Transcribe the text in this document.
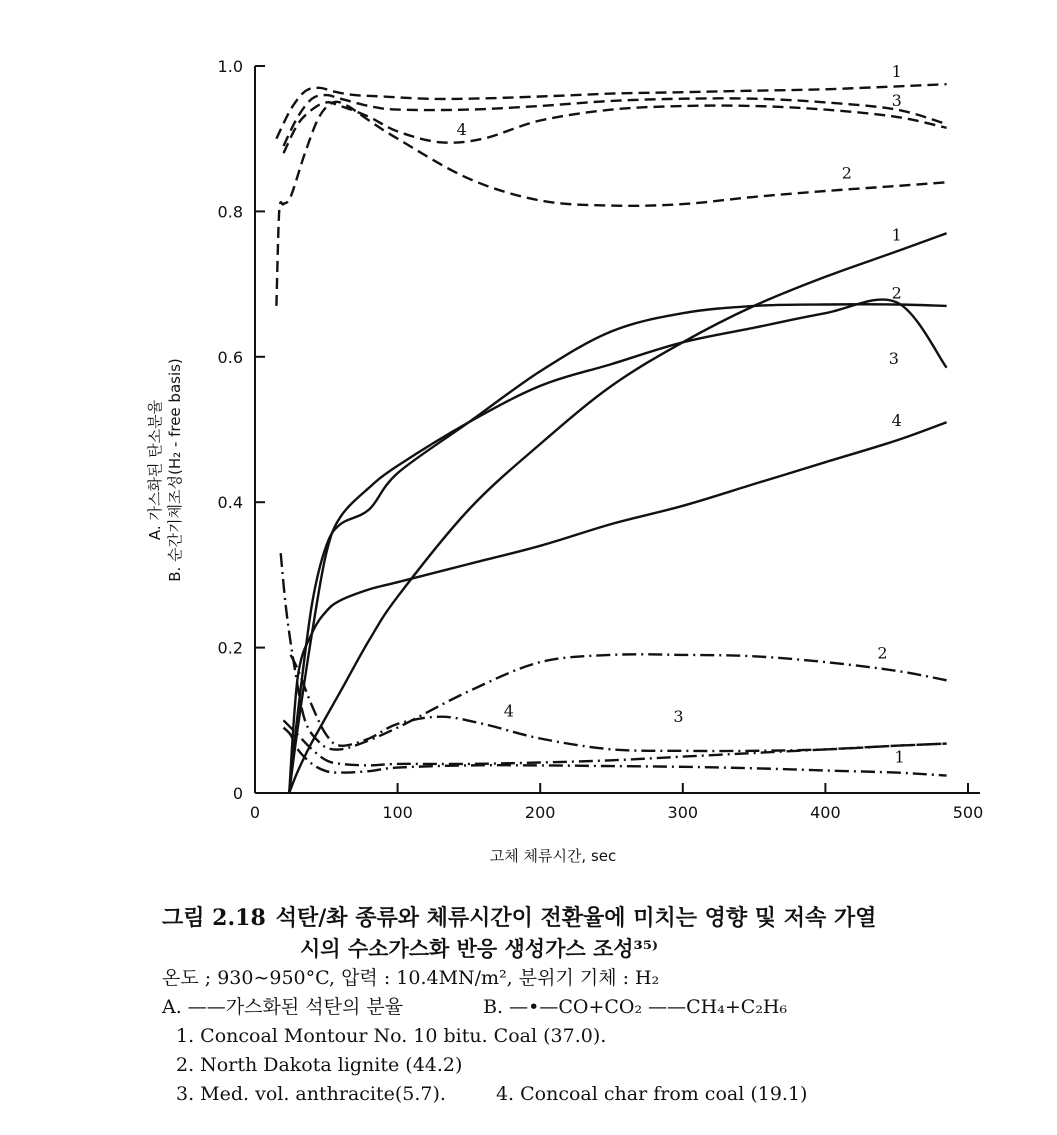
0
0.2
0.4
0.6
0.8
1.0
0	100	200	300	400	500
1
3
4
2
1
2
3
4
2
4	3
1
고체 체류시간, sec
A. 가스화된 탄소분율 B. 순간기체조성(H₂ - free basis)
그림 2.18 석탄/촤 종류와 체류시간이 전환율에 미치는 영향 및 저속 가열
시의 수소가스화 반응 생성가스 조성³⁵⁾
온도 ; 930∼950°C, 압력 : 10.4MN/m², 분위기 기체 : H₂
A. ——가스화된 석탄의 분율	B. —•—CO+CO₂ ——CH₄+C₂H₆
1. Concoal Montour No. 10 bitu. Coal (37.0).
2. North Dakota lignite (44.2)
3. Med. vol. anthracite(5.7).	4. Concoal char from coal (19.1)
